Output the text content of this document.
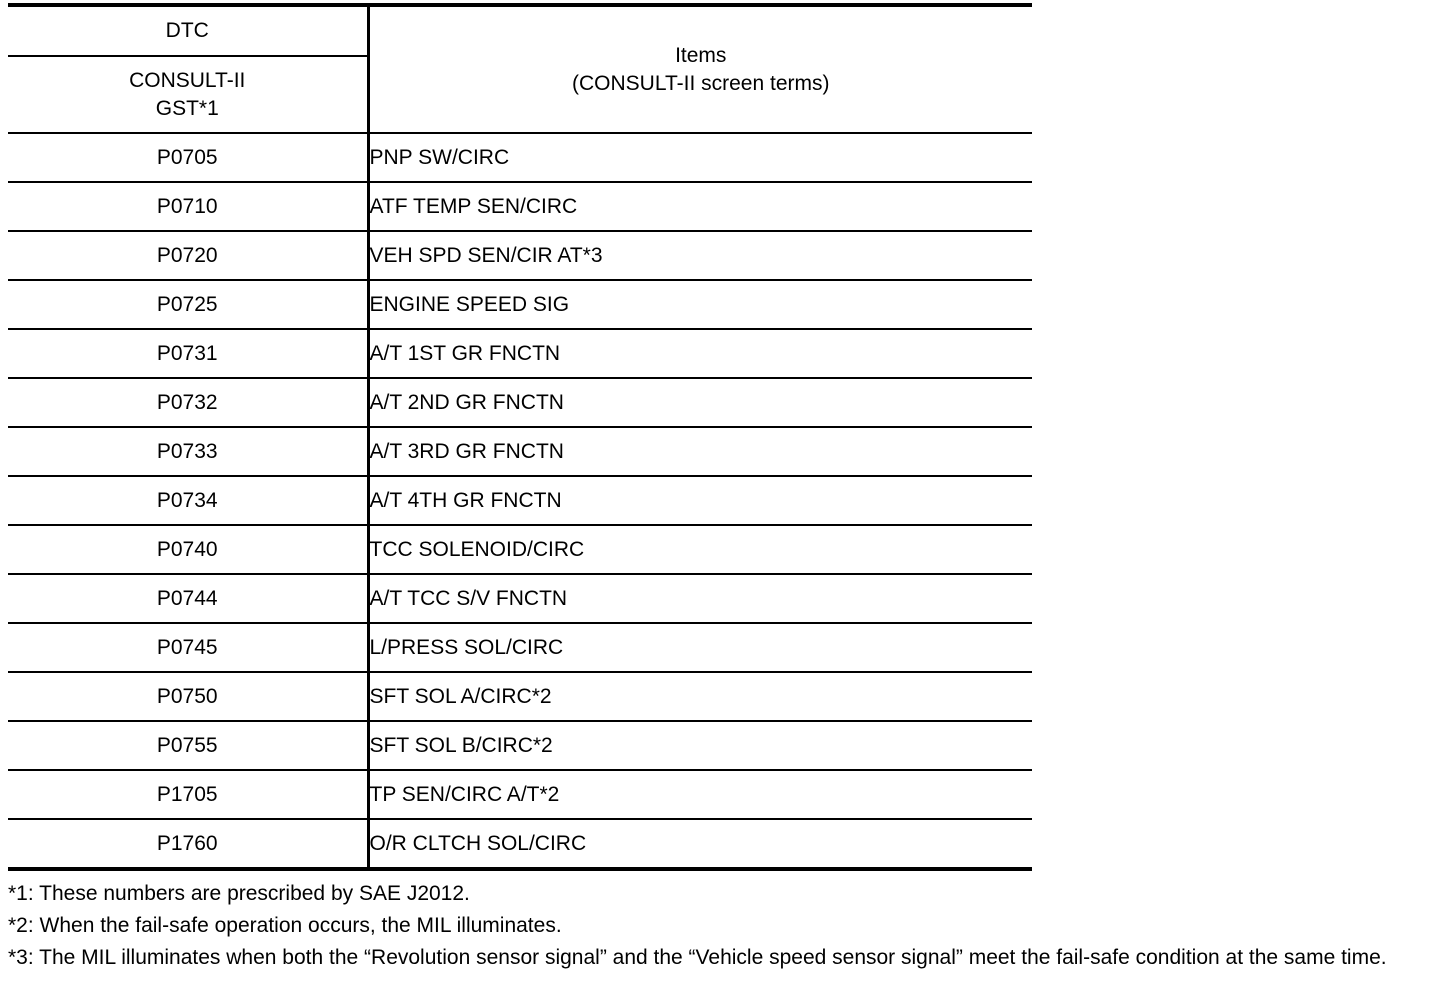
DTC	Items
(CONSULT-II screen terms)

CONSULT-II
GST*1	

P0705	PNP SW/CIRC
P0710	ATF TEMP SEN/CIRC
P0720	VEH SPD SEN/CIR AT*3
P0725	ENGINE SPEED SIG
P0731	A/T 1ST GR FNCTN
P0732	A/T 2ND GR FNCTN
P0733	A/T 3RD GR FNCTN
P0734	A/T 4TH GR FNCTN
P0740	TCC SOLENOID/CIRC
P0744	A/T TCC S/V FNCTN
P0745	L/PRESS SOL/CIRC
P0750	SFT SOL A/CIRC*2
P0755	SFT SOL B/CIRC*2
P1705	TP SEN/CIRC A/T*2
P1760	O/R CLTCH SOL/CIRC

*1: These numbers are prescribed by SAE J2012.

*2: When the fail-safe operation occurs, the MIL illuminates.

*3: The MIL illuminates when both the “Revolution sensor signal” and the “Vehicle speed sensor signal” meet the fail-safe condition at the same time.
